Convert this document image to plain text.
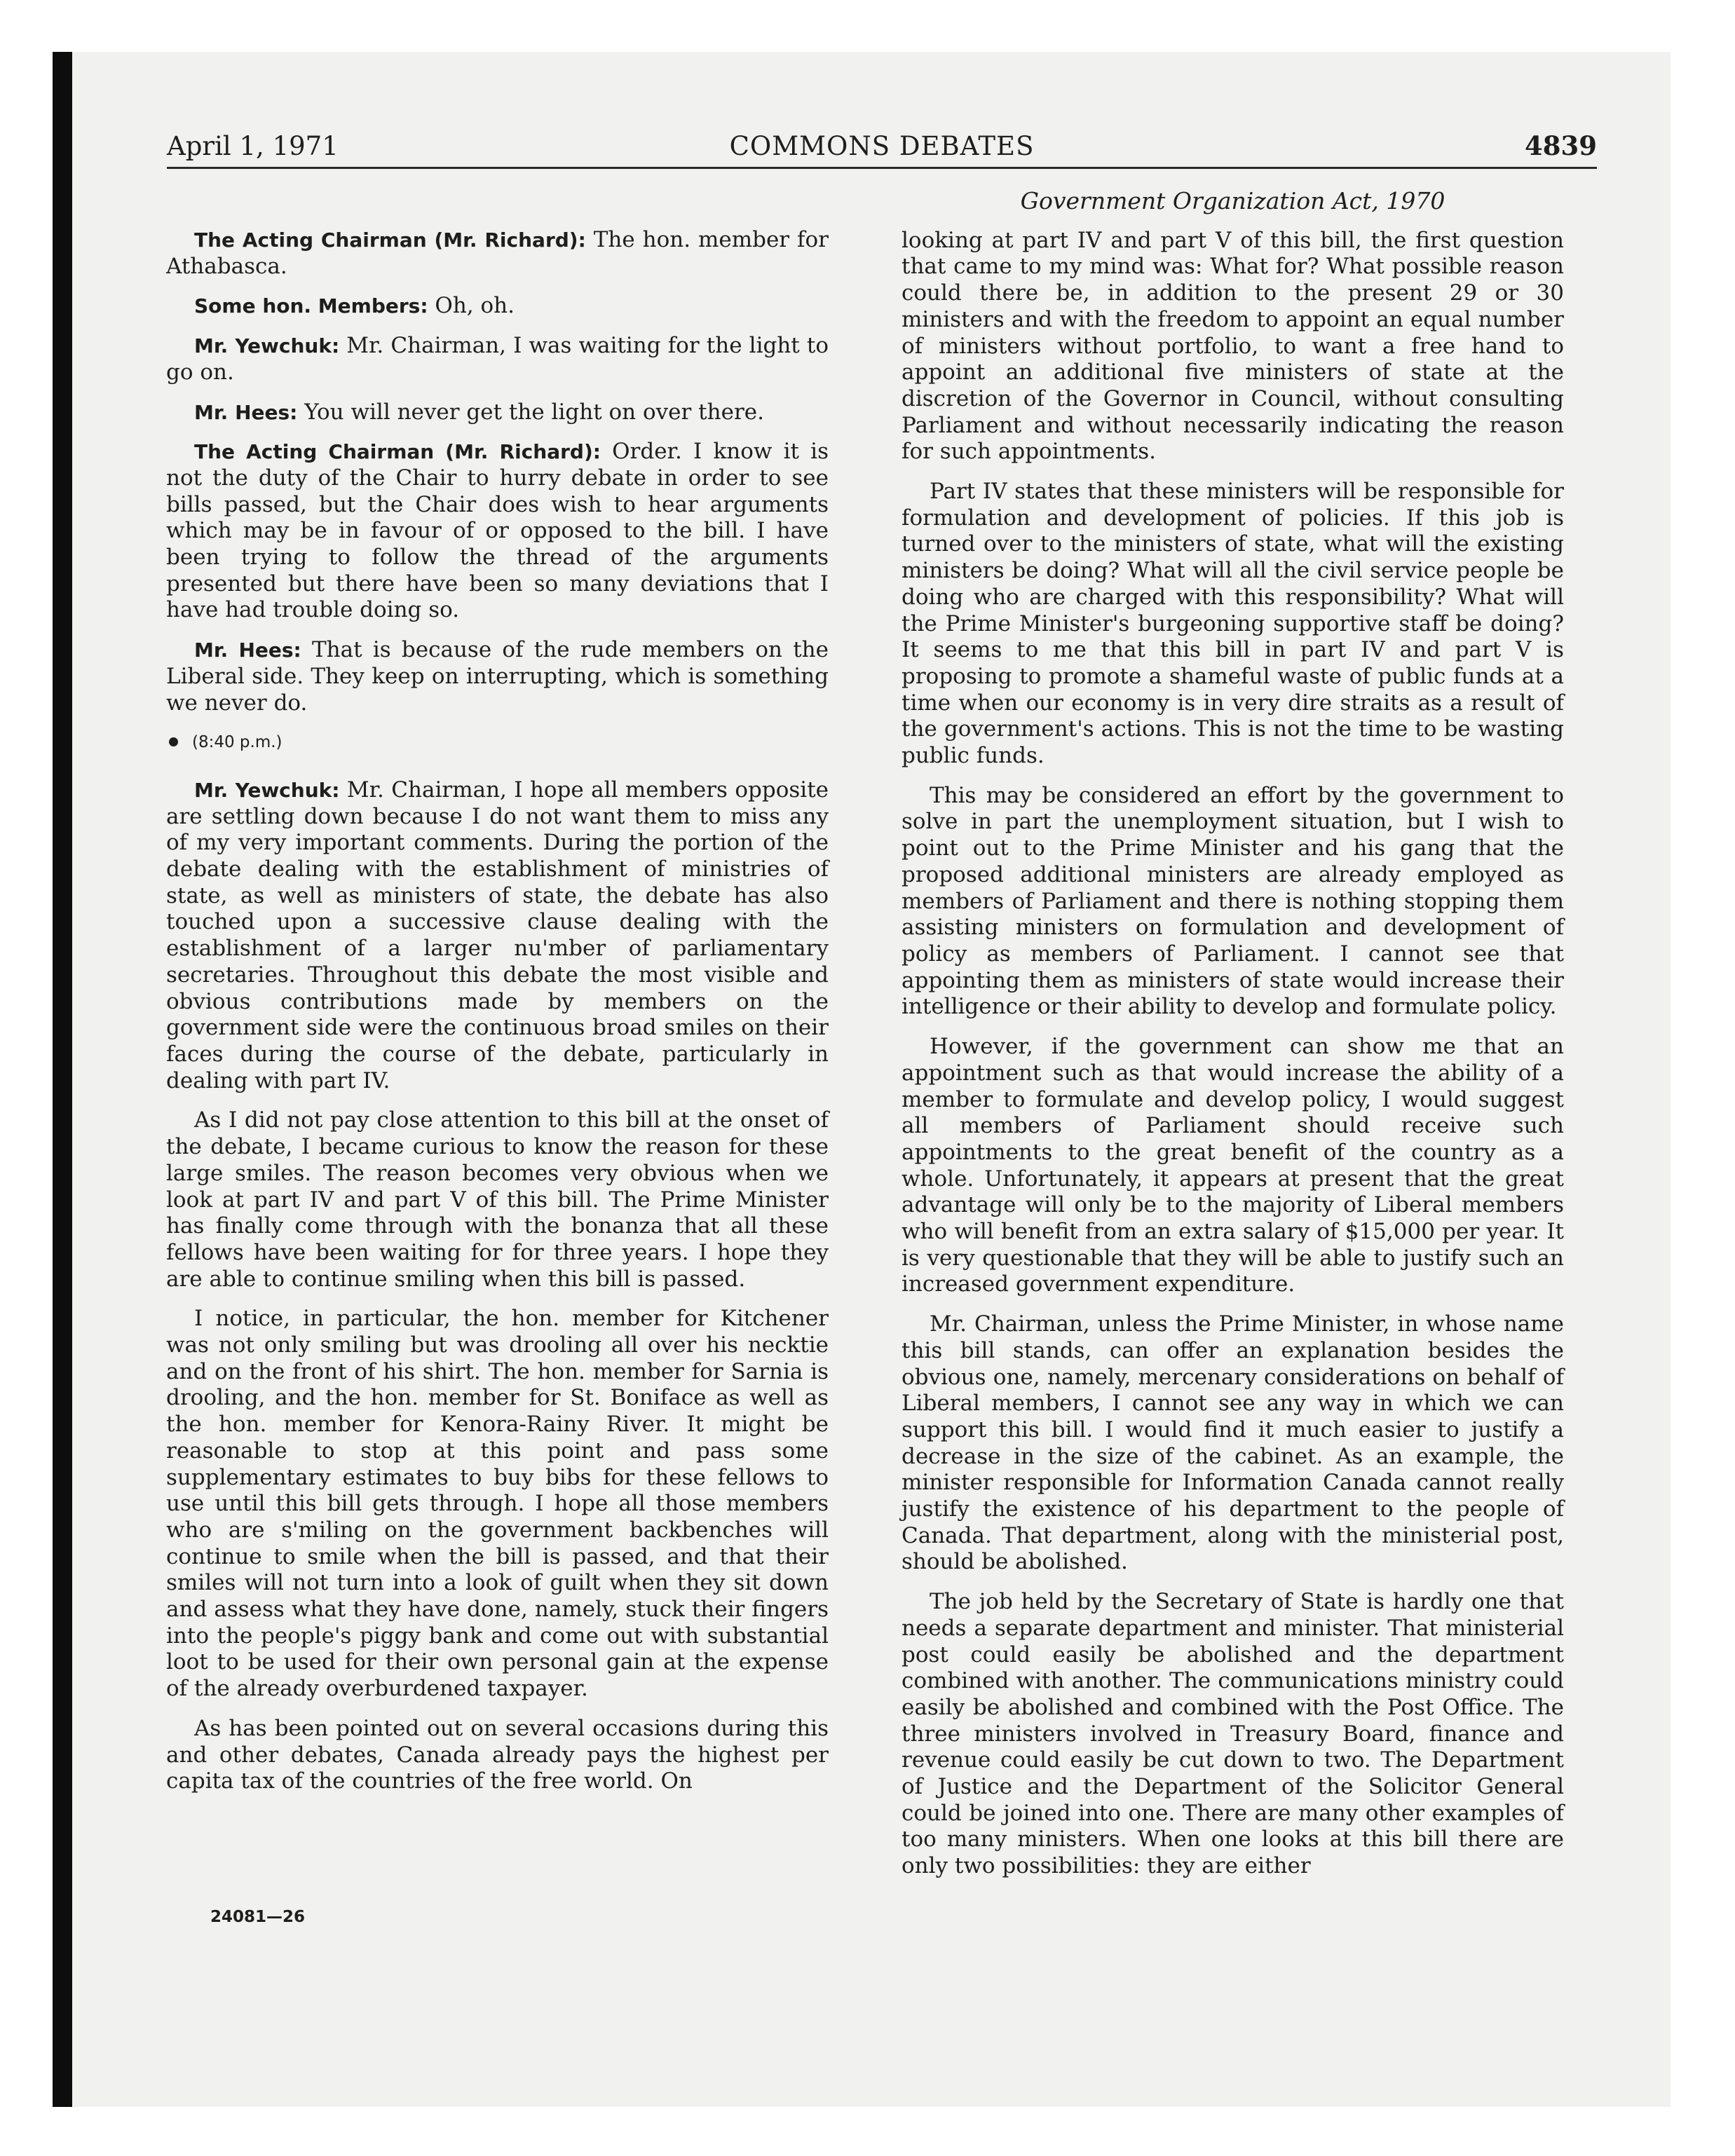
April 1, 1971	COMMONS DEBATES	4839

The Acting Chairman (Mr. Richard): The hon. member for Athabasca.

Some hon. Members: Oh, oh.

Mr. Yewchuk: Mr. Chairman, I was waiting for the light to go on.

Mr. Hees: You will never get the light on over there.

The Acting Chairman (Mr. Richard): Order. I know it is not the duty of the Chair to hurry debate in order to see bills passed, but the Chair does wish to hear arguments which may be in favour of or opposed to the bill. I have been trying to follow the thread of the arguments presented but there have been so many deviations that I have had trouble doing so.

Mr. Hees: That is because of the rude members on the Liberal side. They keep on interrupting, which is something we never do.

(8:40 p.m.)

Mr. Yewchuk: Mr. Chairman, I hope all members opposite are settling down because I do not want them to miss any of my very important comments. During the portion of the debate dealing with the establishment of ministries of state, as well as ministers of state, the debate has also touched upon a successive clause dealing with the establishment of a larger nu'mber of parliamentary secretaries. Throughout this debate the most visible and obvious contributions made by members on the government side were the continuous broad smiles on their faces during the course of the debate, particularly in dealing with part IV.

As I did not pay close attention to this bill at the onset of the debate, I became curious to know the reason for these large smiles. The reason becomes very obvious when we look at part IV and part V of this bill. The Prime Minister has finally come through with the bonanza that all these fellows have been waiting for for three years. I hope they are able to continue smiling when this bill is passed.

I notice, in particular, the hon. member for Kitchener was not only smiling but was drooling all over his necktie and on the front of his shirt. The hon. member for Sarnia is drooling, and the hon. member for St. Boniface as well as the hon. member for Kenora-Rainy River. It might be reasonable to stop at this point and pass some supplementary estimates to buy bibs for these fellows to use until this bill gets through. I hope all those members who are s'miling on the government backbenches will continue to smile when the bill is passed, and that their smiles will not turn into a look of guilt when they sit down and assess what they have done, namely, stuck their fingers into the people's piggy bank and come out with substantial loot to be used for their own personal gain at the expense of the already overburdened taxpayer.

As has been pointed out on several occasions during this and other debates, Canada already pays the highest per capita tax of the countries of the free world. On

Government Organization Act, 1970

looking at part IV and part V of this bill, the first question that came to my mind was: What for? What possible reason could there be, in addition to the present 29 or 30 ministers and with the freedom to appoint an equal number of ministers without portfolio, to want a free hand to appoint an additional five ministers of state at the discretion of the Governor in Council, without consulting Parliament and without necessarily indicating the reason for such appointments.

Part IV states that these ministers will be responsible for formulation and development of policies. If this job is turned over to the ministers of state, what will the existing ministers be doing? What will all the civil service people be doing who are charged with this responsibility? What will the Prime Minister's burgeoning supportive staff be doing? It seems to me that this bill in part IV and part V is proposing to promote a shameful waste of public funds at a time when our economy is in very dire straits as a result of the government's actions. This is not the time to be wasting public funds.

This may be considered an effort by the government to solve in part the unemployment situation, but I wish to point out to the Prime Minister and his gang that the proposed additional ministers are already employed as members of Parliament and there is nothing stopping them assisting ministers on formulation and development of policy as members of Parliament. I cannot see that appointing them as ministers of state would increase their intelligence or their ability to develop and formulate policy.

However, if the government can show me that an appointment such as that would increase the ability of a member to formulate and develop policy, I would suggest all members of Parliament should receive such appointments to the great benefit of the country as a whole. Unfortunately, it appears at present that the great advantage will only be to the majority of Liberal members who will benefit from an extra salary of $15,000 per year. It is very questionable that they will be able to justify such an increased government expenditure.

Mr. Chairman, unless the Prime Minister, in whose name this bill stands, can offer an explanation besides the obvious one, namely, mercenary considerations on behalf of Liberal members, I cannot see any way in which we can support this bill. I would find it much easier to justify a decrease in the size of the cabinet. As an example, the minister responsible for Information Canada cannot really justify the existence of his department to the people of Canada. That department, along with the ministerial post, should be abolished.

The job held by the Secretary of State is hardly one that needs a separate department and minister. That ministerial post could easily be abolished and the department combined with another. The communications ministry could easily be abolished and combined with the Post Office. The three ministers involved in Treasury Board, finance and revenue could easily be cut down to two. The Department of Justice and the Department of the Solicitor General could be joined into one. There are many other examples of too many ministers. When one looks at this bill there are only two possibilities: they are either

24081—26
